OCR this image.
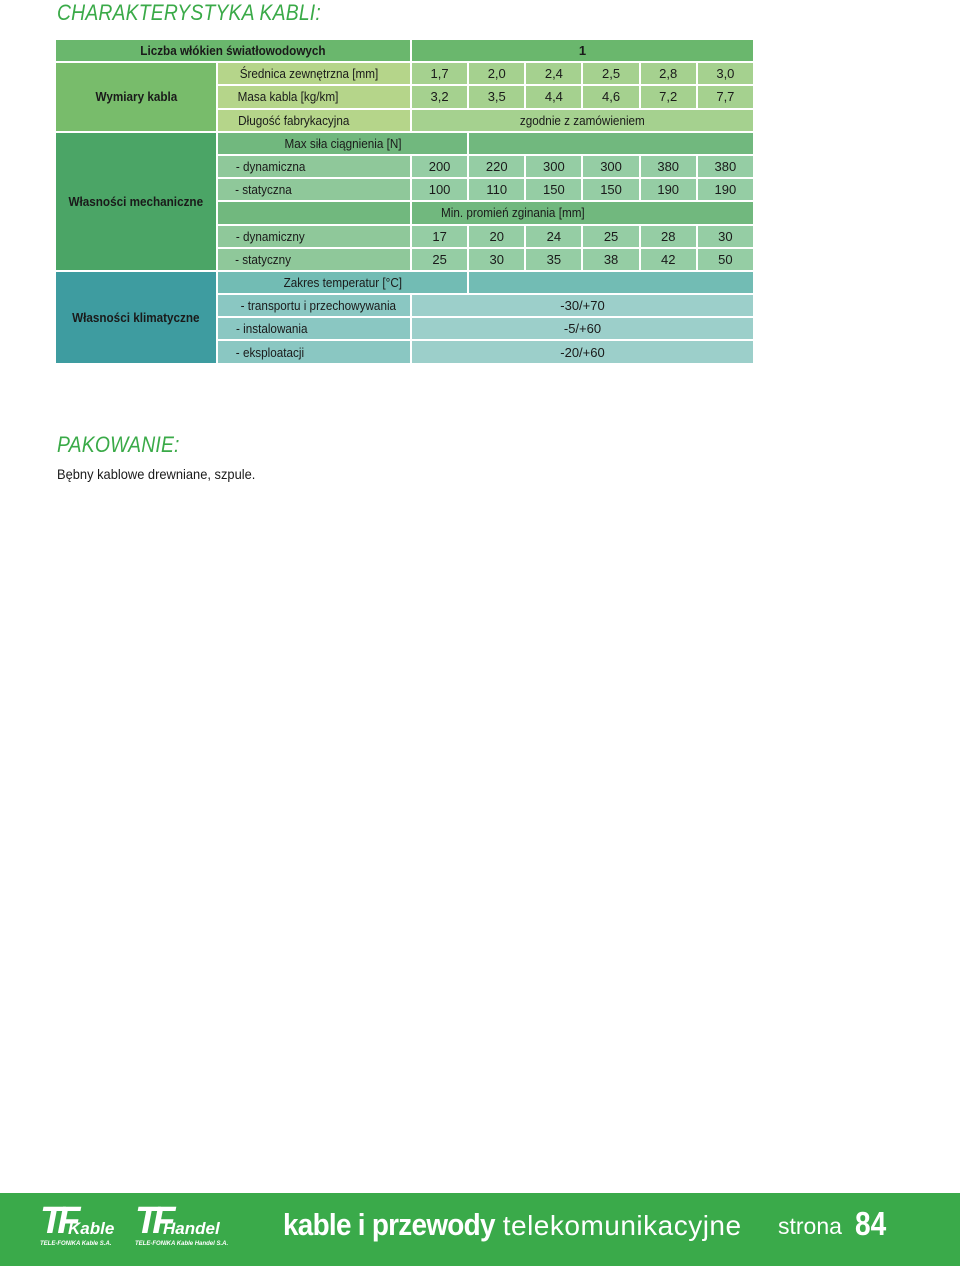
CHARAKTERYSTYKA KABLI:
Liczba włókien światłowodowych		1					
Wymiary kabla	Średnica zewnętrzna [mm]	1,7	2,0	2,4	2,5	2,8	3,0
	Masa kabla [kg/km]	3,2	3,5	4,4	4,6	7,2	7,7
	Długość fabrykacyjna	zgodnie z zamówieniem					
Własności mechaniczne	Max siła ciągnienia [N]						
	- dynamiczna	200	220	300	300	380	380
	- statyczna	100	110	150	150	190	190
		Min. promień zginania [mm]					
	- dynamiczny	17	20	24	25	28	30
	- statyczny	25	30	35	38	42	50
Własności klimatyczne	Zakres temperatur [°C]						
	- transportu i przechowywania	-30/+70					
	- instalowania	-5/+60					
	- eksploatacji	-20/+60					
PAKOWANIE:
Bębny kablowe drewniane, szpule.
TF
Kable
TELE-FONIKA Kable S.A.
TF
Handel
TELE-FONIKA Kable Handel S.A.
kable i przewody telekomunikacyjne strona 84
